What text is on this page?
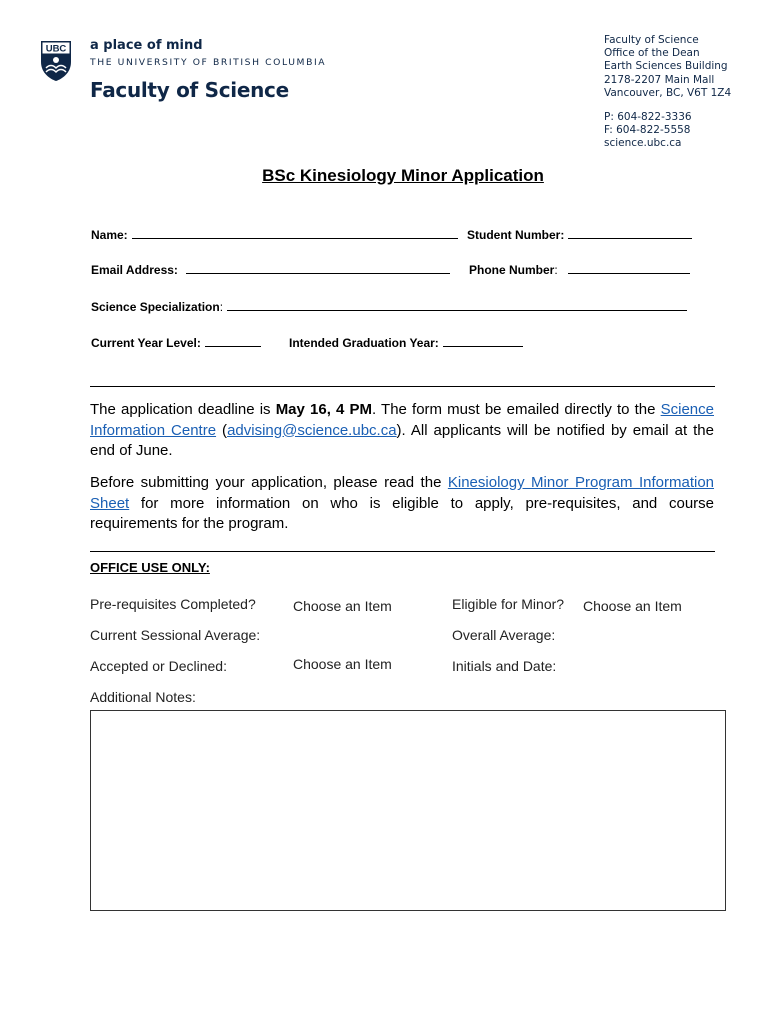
UBC a place of mind
THE UNIVERSITY OF BRITISH COLUMBIA
Faculty of Science
Faculty of Science
Office of the Dean
Earth Sciences Building
2178-2207 Main Mall
Vancouver, BC, V6T 1Z4
P: 604-822-3336
F: 604-822-5558
science.ubc.ca
BSc Kinesiology Minor Application
Name:	Student Number:
Email Address:	Phone Number:
Science Specialization:
Current Year Level:	Intended Graduation Year:
The application deadline is May 16, 4 PM. The form must be emailed directly to the Science Information Centre (advising@science.ubc.ca). All applicants will be notified by email at the end of June.
Before submitting your application, please read the Kinesiology Minor Program Information Sheet for more information on who is eligible to apply, pre-requisites, and course requirements for the program.
OFFICE USE ONLY:
Pre-requisites Completed?	Choose an Item	Eligible for Minor? Choose an Item
Current Sessional Average:	Overall Average:
Accepted or Declined:	Choose an Item	Initials and Date:
Additional Notes:
